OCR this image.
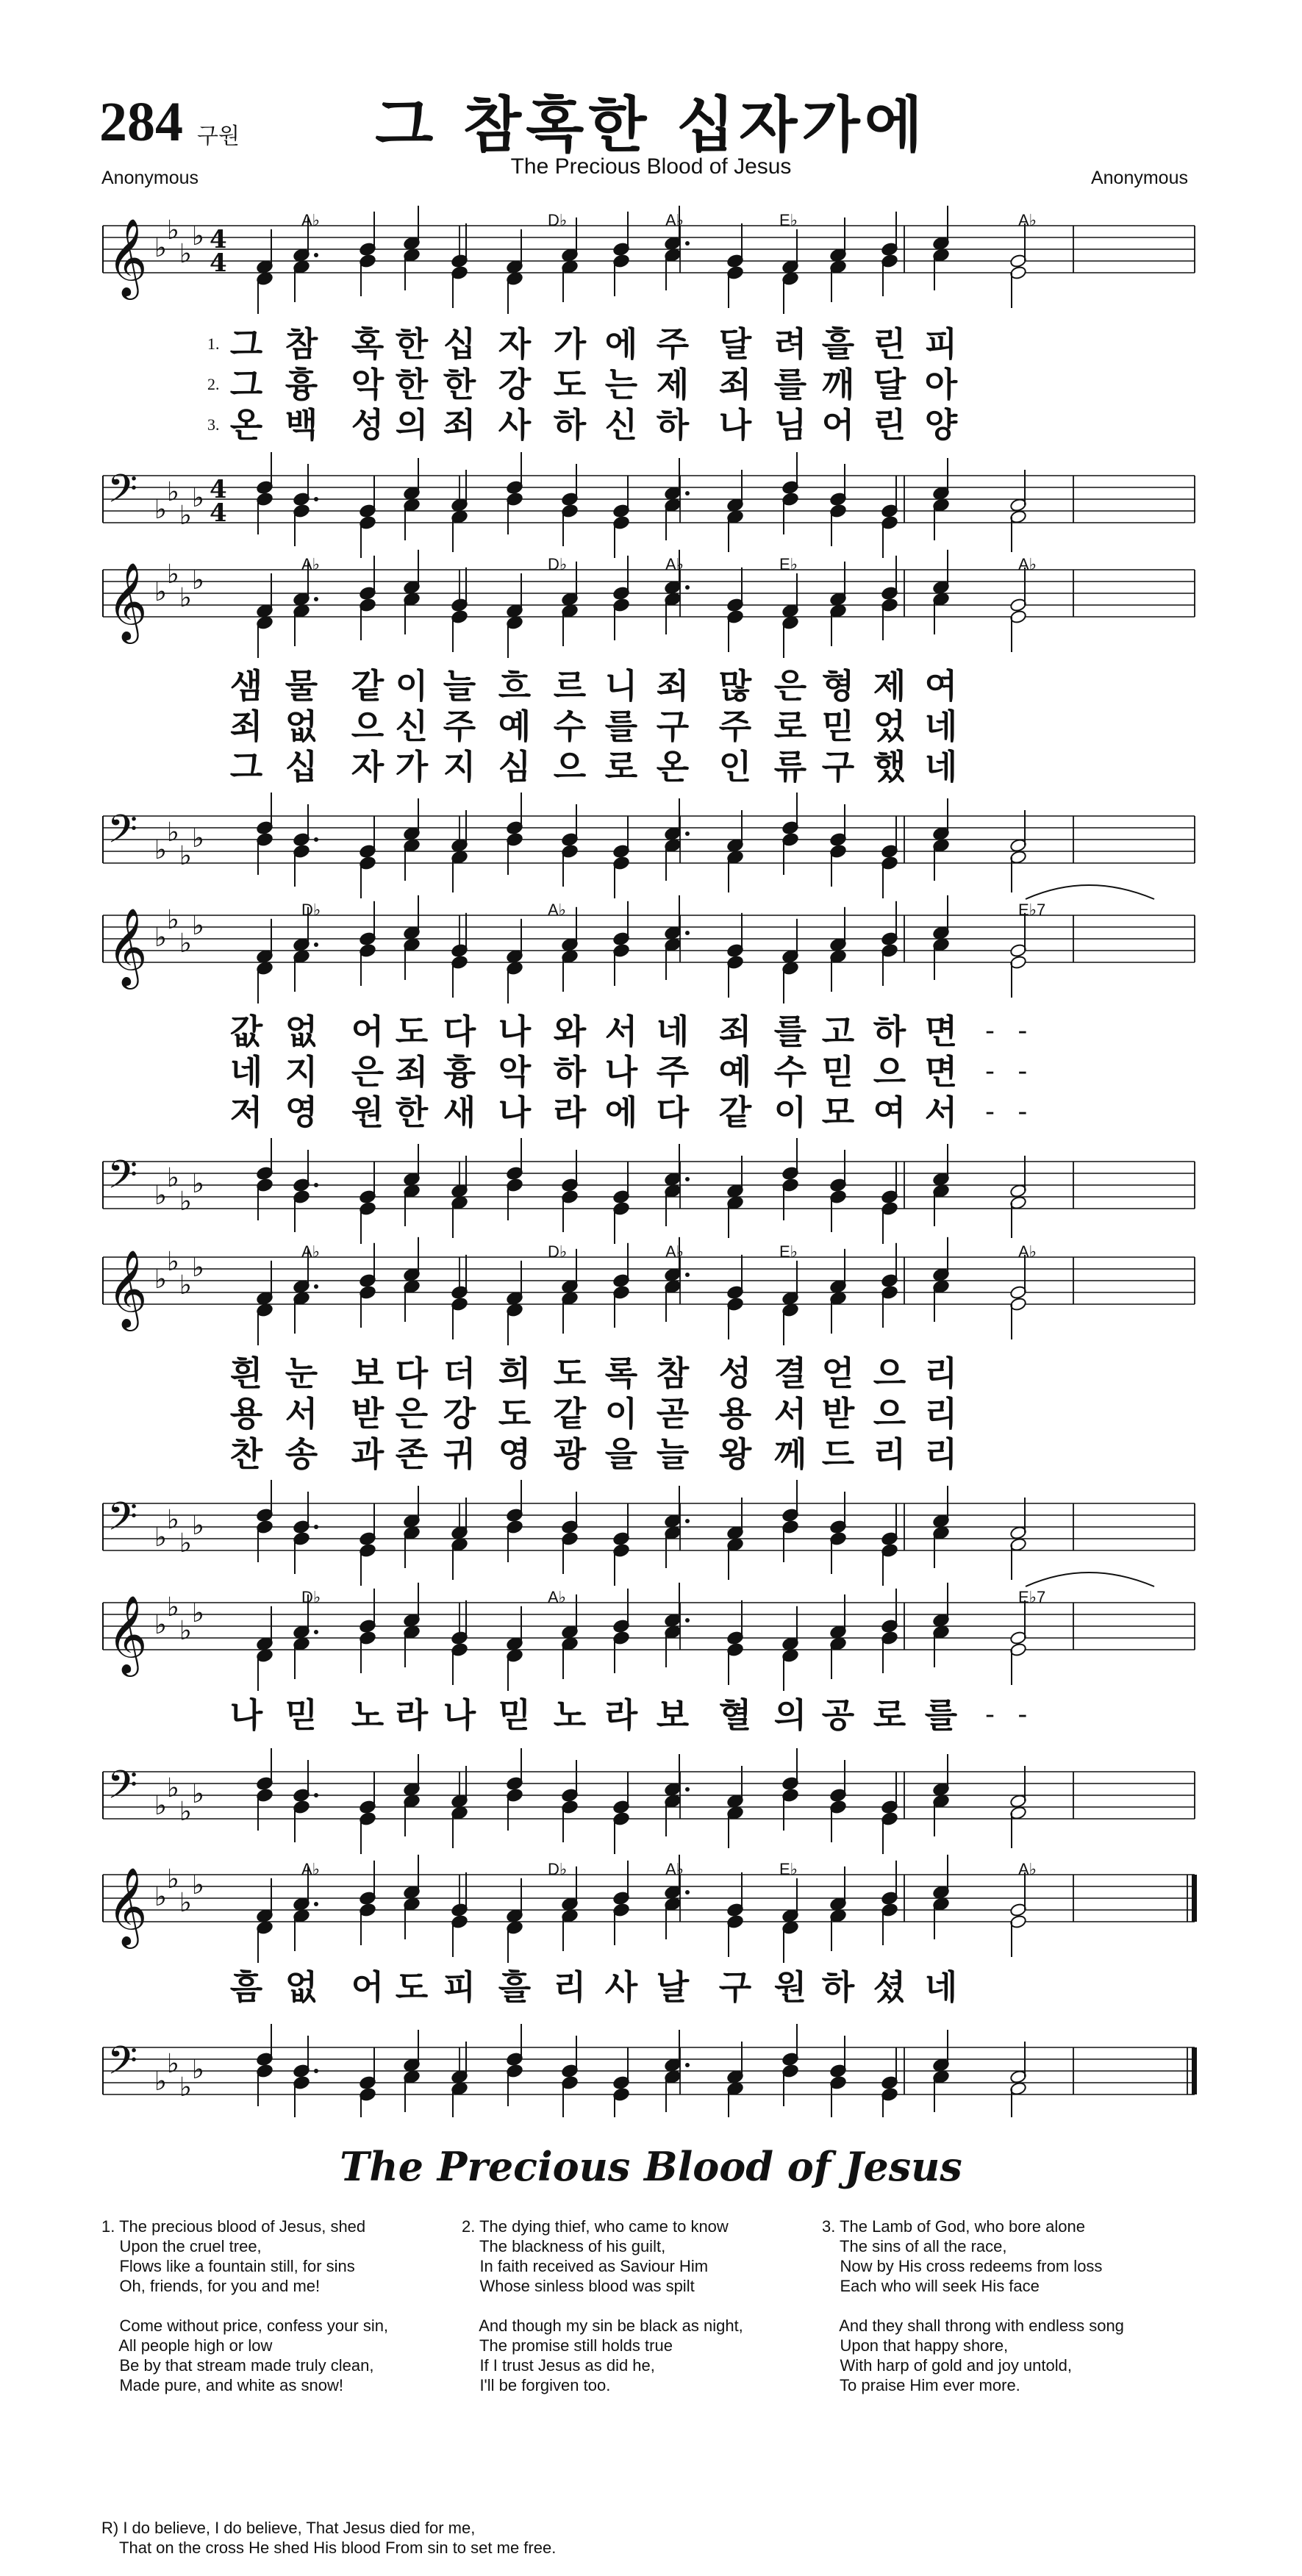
284 구원	그 참혹한 십자가에
The Precious Blood of Jesus
Anonymous	Anonymous
𝄞 ♭
♭
♭
♭ 4
4
𝄢 ♭
♭
♭
♭ 4
4
𝄞 ♭
♭
♭
♭
𝄢 ♭
♭
♭
♭
𝄞 ♭
♭
♭
♭
𝄢 ♭
♭
♭
♭
𝄞 ♭
♭
♭
♭
𝄢 ♭
♭
♭
♭
𝄞 ♭
♭
♭
♭
𝄢 ♭
♭
♭
♭
𝄞 ♭
♭
♭
♭
𝄢 ♭
♭
♭
♭
1. 그 참 혹 한 십 자 가 에 주 달 려 흘 린 피
2. 그 흉 악 한 한 강 도 는 제 죄 를 깨 달 아
3. 온 백 성 의 죄 사 하 신 하 나 님 어 린 양
A♭	D♭	A♭	E♭	A♭
샘 물 같 이 늘 흐 르 니 죄 많 은 형 제 여
죄 없 으 신 주 예 수 를 구 주 로 믿 었 네
그 십 자 가 지 심 으 로 온 인 류 구 했 네
A♭	D♭	A♭	E♭	A♭
값 없 어 도 다 나 와 서 네 죄 를 고 하 면 - -
네 지 은 죄 흉 악 하 나 주 예 수 믿 으 면 - -
저 영 원 한 새 나 라 에 다 같 이 모 여 서 - -
D♭	A♭	E♭7
흰 눈 보 다 더 희 도 록 참 성 결 얻 으 리
용 서 받 은 강 도 같 이 곧 용 서 받 으 리
찬 송 과 존 귀 영 광 을 늘 왕 께 드 리 리
A♭	D♭	A♭	E♭	A♭
나 믿 노 라 나 믿 노 라 보 혈 의 공 로 를 - -
D♭	A♭	E♭7
흠 없 어 도 피 흘 리 사 날 구 원 하 셨 네
A♭	D♭	A♭	E♭	A♭
The Precious Blood of Jesus

1. The precious blood of Jesus, shed

Upon the cruel tree,

Flows like a fountain still, for sins

Oh, friends, for you and me!

Come without price, confess your sin,

All people high or low

Be by that stream made truly clean,

Made pure, and white as snow!

2. The dying thief, who came to know

The blackness of his guilt,

In faith received as Saviour Him

Whose sinless blood was spilt

And though my sin be black as night,

The promise still holds true

If I trust Jesus as did he,

I'll be forgiven too.

3. The Lamb of God, who bore alone

The sins of all the race,

Now by His cross redeems from loss

Each who will seek His face

And they shall throng with endless song

Upon that happy shore,

With harp of gold and joy untold,

To praise Him ever more.

R) I do believe, I do believe, That Jesus died for me,

That on the cross He shed His blood From sin to set me free.
